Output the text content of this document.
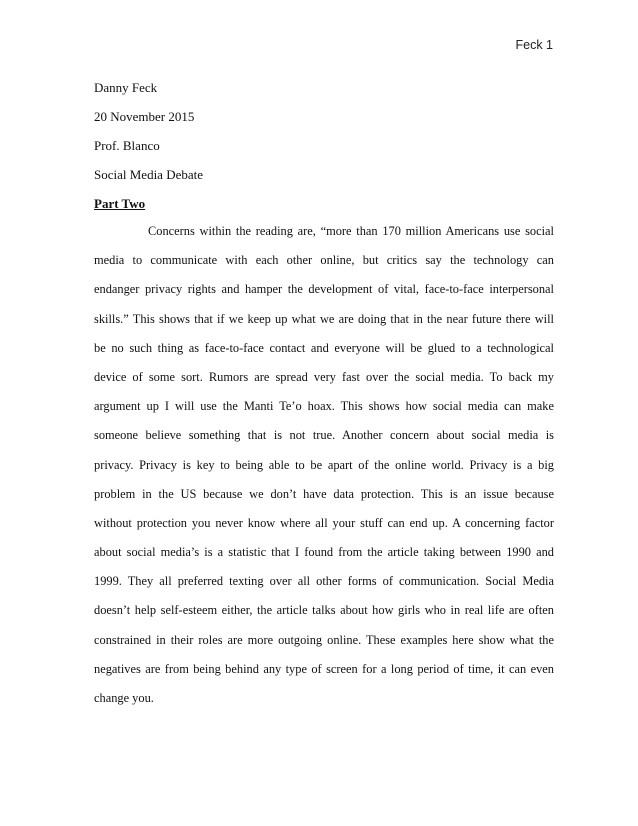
Feck 1
Danny Feck
20 November 2015
Prof. Blanco
Social Media Debate
Part Two
Concerns within the reading are, “more than 170 million Americans use social
media to communicate with each other online, but critics say the technology can
endanger privacy rights and hamper the development of vital, face-to-face interpersonal
skills.” This shows that if we keep up what we are doing that in the near future there will
be no such thing as face-to-face contact and everyone will be glued to a technological
device of some sort. Rumors are spread very fast over the social media. To back my
argument up I will use the Manti Te’o hoax. This shows how social media can make
someone believe something that is not true. Another concern about social media is
privacy. Privacy is key to being able to be apart of the online world. Privacy is a big
problem in the US because we don’t have data protection. This is an issue because
without protection you never know where all your stuff can end up. A concerning factor
about social media’s is a statistic that I found from the article taking between 1990 and
1999. They all preferred texting over all other forms of communication. Social Media
doesn’t help self-esteem either, the article talks about how girls who in real life are often
constrained in their roles are more outgoing online. These examples here show what the
negatives are from being behind any type of screen for a long period of time, it can even
change you.
